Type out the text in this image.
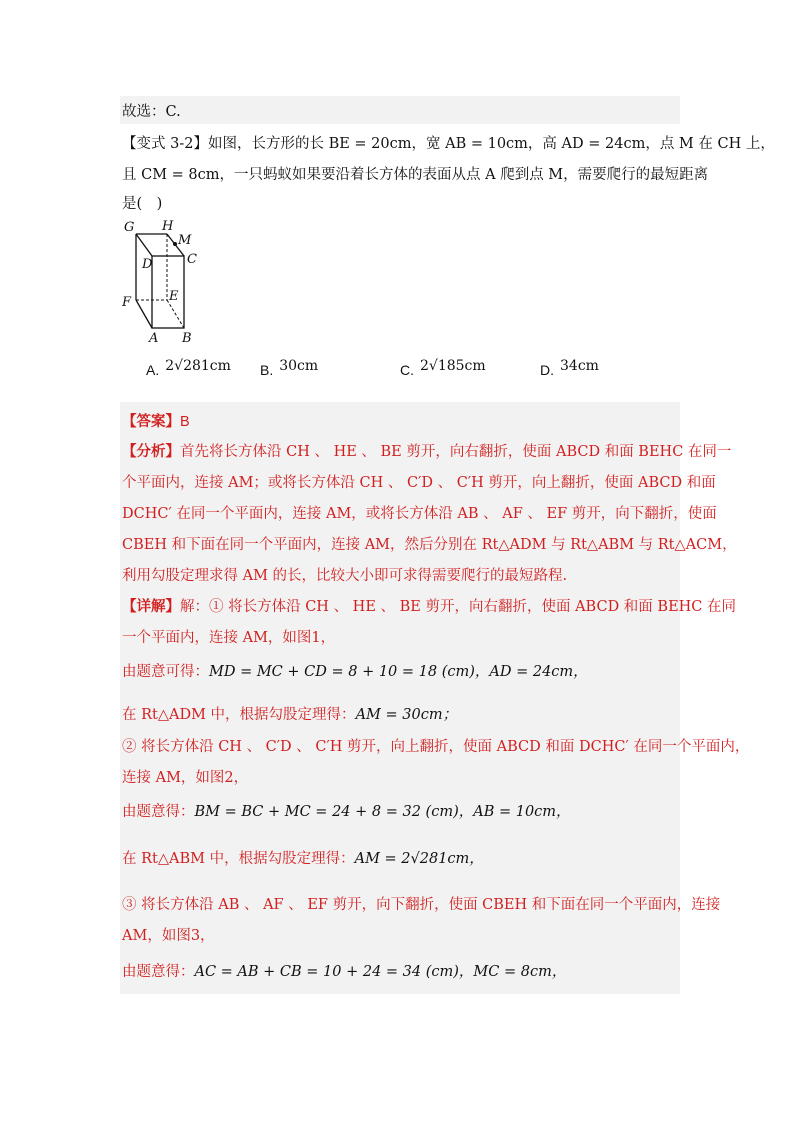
故选：C.
【变式 3-2】如图，长方形的长 BE = 20cm，宽 AB = 10cm，高 AD = 24cm，点 M 在 CH 上，
且 CM = 8cm，一只蚂蚁如果要沿着长方体的表面从点 A 爬到点 M，需要爬行的最短距离
是(　)
G H
M
D	C
F	E
A B
A. 2√281cm B. 30cm	C. 2√185cm	D. 34cm
【答案】B
【分析】首先将长方体沿 CH 、 HE 、 BE 剪开，向右翻折，使面 ABCD 和面 BEHC 在同一
个平面内，连接 AM；或将长方体沿 CH 、 C′D 、 C′H 剪开，向上翻折，使面 ABCD 和面
DCHC′ 在同一个平面内，连接 AM，或将长方体沿 AB 、 AF 、 EF 剪开，向下翻折，使面
CBEH 和下面在同一个平面内，连接 AM，然后分别在 Rt△ADM 与 Rt△ABM 与 Rt△ACM，
利用勾股定理求得 AM 的长，比较大小即可求得需要爬行的最短路程.
【详解】解：① 将长方体沿 CH 、 HE 、 BE 剪开，向右翻折，使面 ABCD 和面 BEHC 在同
一个平面内，连接 AM，如图1，
由题意可得：MD = MC + CD = 8 + 10 = 18 (cm)，AD = 24cm，
在 Rt△ADM 中，根据勾股定理得：AM = 30cm；
② 将长方体沿 CH 、 C′D 、 C′H 剪开，向上翻折，使面 ABCD 和面 DCHC′ 在同一个平面内，
连接 AM，如图2，
由题意得：BM = BC + MC = 24 + 8 = 32 (cm)，AB = 10cm，
在 Rt△ABM 中，根据勾股定理得：AM = 2√281cm，
③ 将长方体沿 AB 、 AF 、 EF 剪开，向下翻折，使面 CBEH 和下面在同一个平面内，连接
AM，如图3，
由题意得：AC = AB + CB = 10 + 24 = 34 (cm)，MC = 8cm，
